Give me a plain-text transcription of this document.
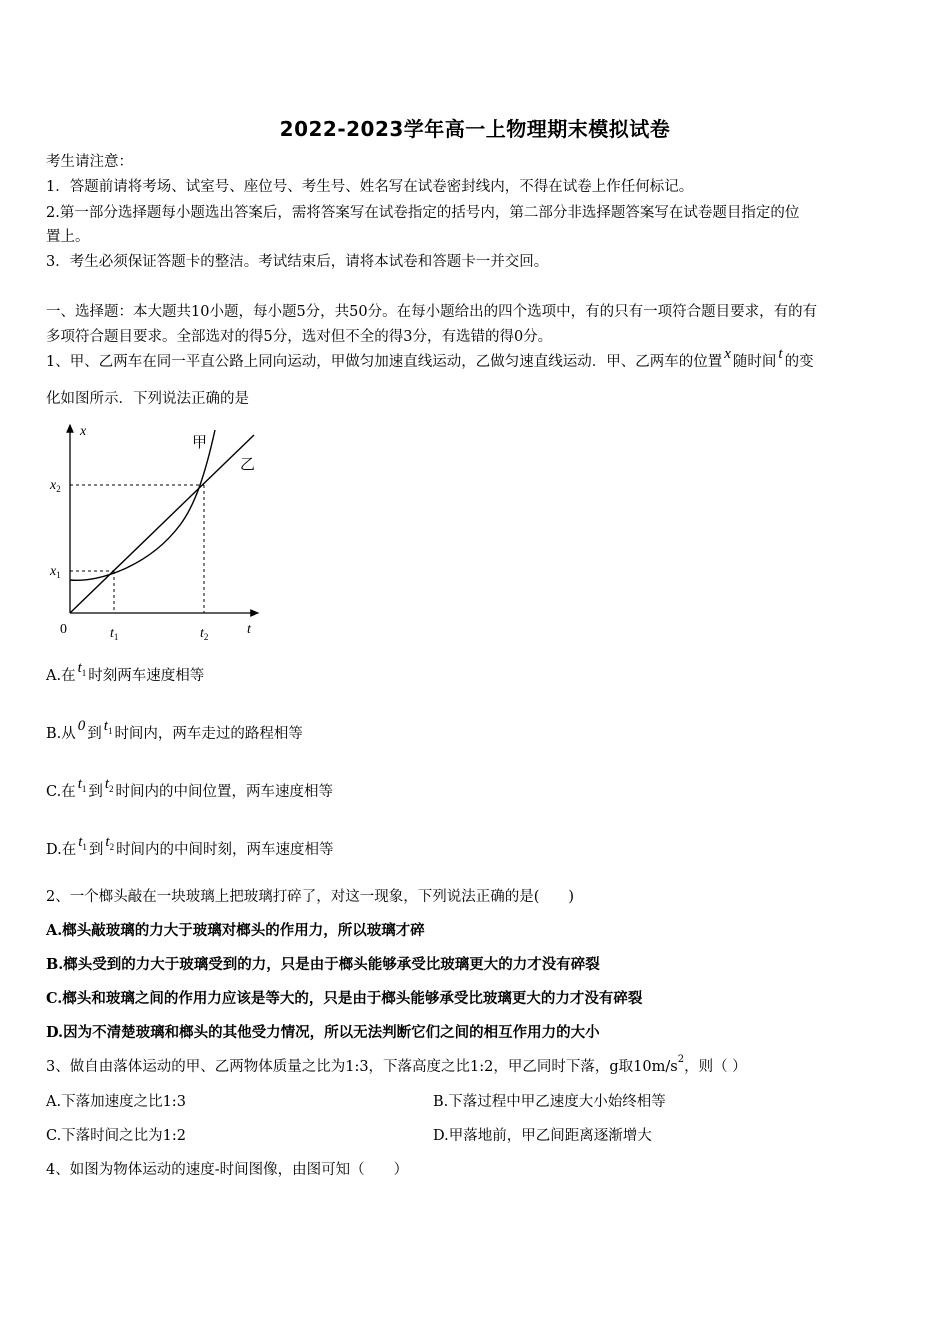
2022-2023学年高一上物理期末模拟试卷
考生请注意：
1．答题前请将考场、试室号、座位号、考生号、姓名写在试卷密封线内，不得在试卷上作任何标记。
2.第一部分选择题每小题选出答案后，需将答案写在试卷指定的括号内，第二部分非选择题答案写在试卷题目指定的位
置上。
3．考生必须保证答题卡的整洁。考试结束后，请将本试卷和答题卡一并交回。
一、选择题：本大题共10小题，每小题5分，共50分。在每小题给出的四个选项中，有的只有一项符合题目要求，有的有
多项符合题目要求。全部选对的得5分，选对但不全的得3分，有选错的得0分。
1、甲、乙两车在同一平直公路上同向运动，甲做匀加速直线运动，乙做匀速直线运动．甲、乙两车的位置 x 随时间 t 的变
化如图所示．下列说法正确的是
x
t
0	$t_1$	$t_2$
$x_1$
$x_2$
甲
乙
A.在 $t_1$ 时刻两车速度相等
B.从 0 到 $t_1$ 时间内，两车走过的路程相等
C.在 $t_1$ 到 $t_2$ 时间内的中间位置，两车速度相等
D.在 $t_1$ 到 $t_2$ 时间内的中间时刻，两车速度相等
2、一个榔头敲在一块玻璃上把玻璃打碎了，对这一现象，下列说法正确的是(　　)
A.榔头敲玻璃的力大于玻璃对榔头的作用力，所以玻璃才碎
B.榔头受到的力大于玻璃受到的力，只是由于榔头能够承受比玻璃更大的力才没有碎裂
C.榔头和玻璃之间的作用力应该是等大的，只是由于榔头能够承受比玻璃更大的力才没有碎裂
D.因为不清楚玻璃和榔头的其他受力情况，所以无法判断它们之间的相互作用力的大小
3、做自由落体运动的甲、乙两物体质量之比为1:3，下落高度之比1:2，甲乙同时下落，g取$10m/s^2$，则（ ）
A.下落加速度之比1:3	B.下落过程中甲乙速度大小始终相等
C.下落时间之比为1:2	D.甲落地前，甲乙间距离逐渐增大
4、如图为物体运动的速度-时间图像，由图可知（　　）
